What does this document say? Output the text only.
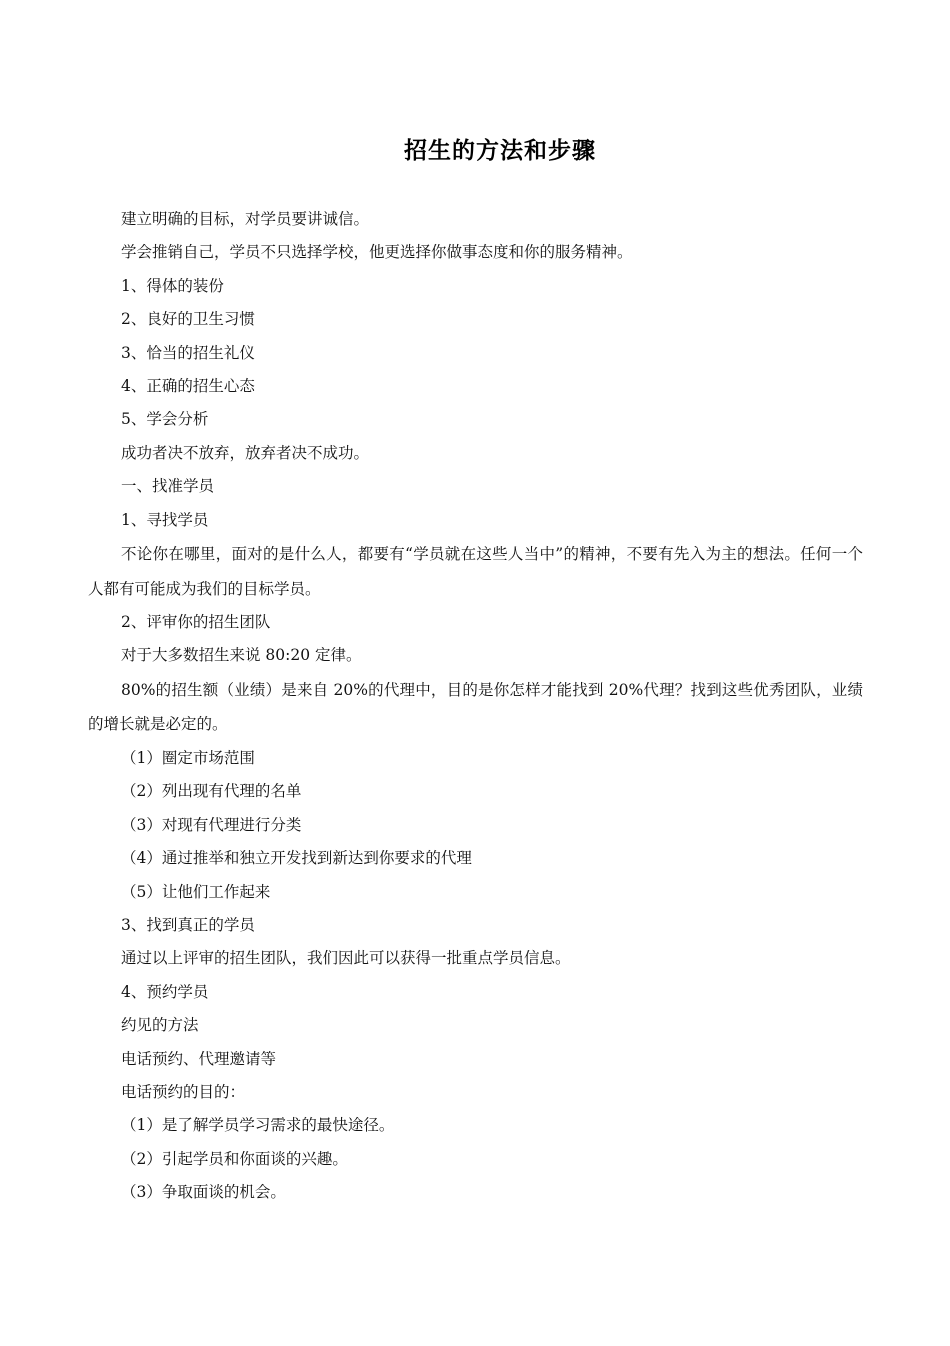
招生的方法和步骤

建立明确的目标，对学员要讲诚信。

学会推销自己，学员不只选择学校，他更选择你做事态度和你的服务精神。

1、得体的装份

2、良好的卫生习惯

3、恰当的招生礼仪

4、正确的招生心态

5、学会分析

成功者决不放弃，放弃者决不成功。

一、找准学员

1、寻找学员

不论你在哪里，面对的是什么人，都要有“学员就在这些人当中”的精神，不要有先入为主的想法。任何一个人都有可能成为我们的目标学员。

2、评审你的招生团队

对于大多数招生来说 80:20 定律。

80%的招生额（业绩）是来自 20%的代理中，目的是你怎样才能找到 20%代理？找到这些优秀团队，业绩的增长就是必定的。

（1）圈定市场范围

（2）列出现有代理的名单

（3）对现有代理进行分类

（4）通过推举和独立开发找到新达到你要求的代理

（5）让他们工作起来

3、找到真正的学员

通过以上评审的招生团队，我们因此可以获得一批重点学员信息。

4、预约学员

约见的方法

电话预约、代理邀请等

电话预约的目的：

（1）是了解学员学习需求的最快途径。

（2）引起学员和你面谈的兴趣。

（3）争取面谈的机会。
